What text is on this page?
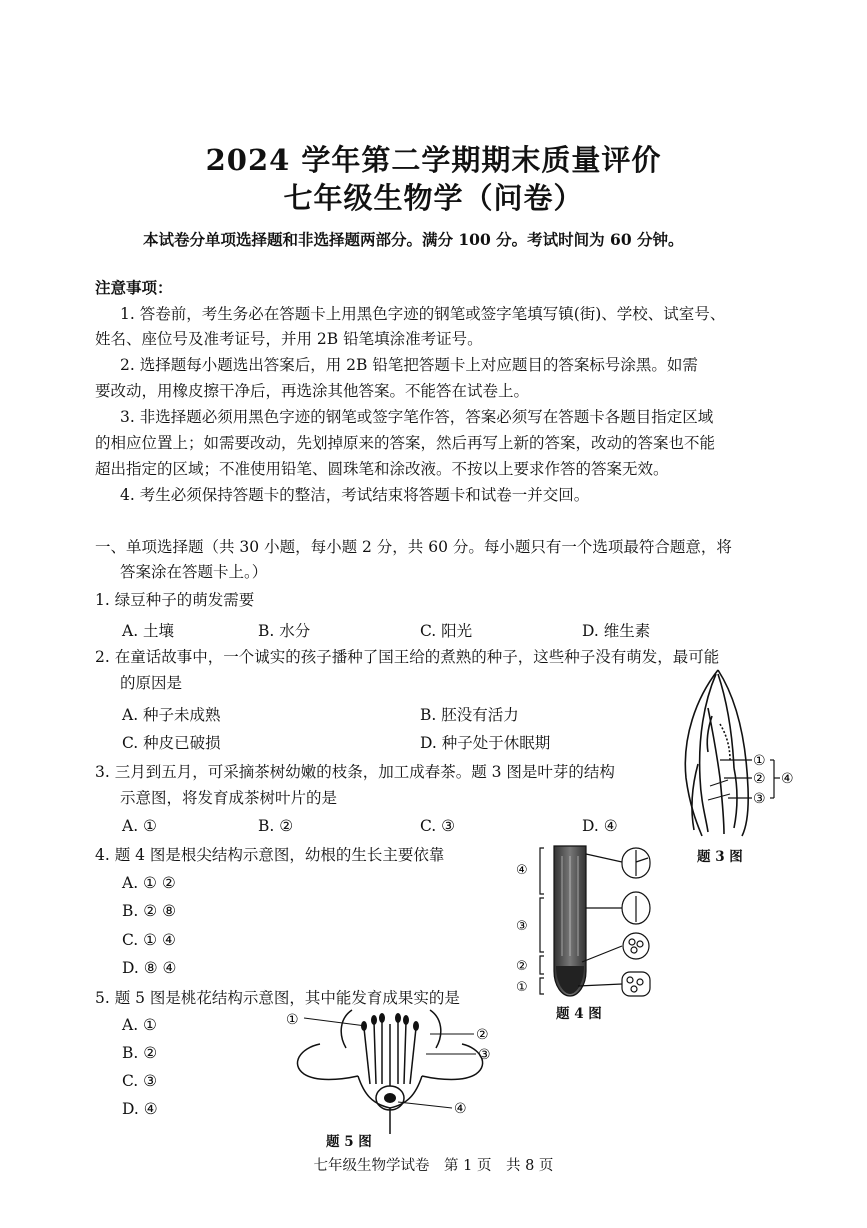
2024 学年第二学期期末质量评价
七年级生物学（问卷）
本试卷分单项选择题和非选择题两部分。满分 100 分。考试时间为 60 分钟。
注意事项：
1. 答卷前，考生务必在答题卡上用黑色字迹的钢笔或签字笔填写镇(街)、学校、试室号、
姓名、座位号及准考证号，并用 2B 铅笔填涂准考证号。
2. 选择题每小题选出答案后，用 2B 铅笔把答题卡上对应题目的答案标号涂黑。如需
要改动，用橡皮擦干净后，再选涂其他答案。不能答在试卷上。
3. 非选择题必须用黑色字迹的钢笔或签字笔作答，答案必须写在答题卡各题目指定区域
的相应位置上；如需要改动，先划掉原来的答案，然后再写上新的答案，改动的答案也不能
超出指定的区域；不准使用铅笔、圆珠笔和涂改液。不按以上要求作答的答案无效。
4. 考生必须保持答题卡的整洁，考试结束将答题卡和试卷一并交回。
一、单项选择题（共 30 小题，每小题 2 分，共 60 分。每小题只有一个选项最符合题意，将
答案涂在答题卡上。）
1. 绿豆种子的萌发需要
A. 土壤	B. 水分	C. 阳光	D. 维生素
2. 在童话故事中，一个诚实的孩子播种了国王给的煮熟的种子，这些种子没有萌发，最可能
的原因是
A. 种子未成熟	B. 胚没有活力
C. 种皮已破损	D. 种子处于休眠期
3. 三月到五月，可采摘茶树幼嫩的枝条，加工成春茶。题 3 图是叶芽的结构
示意图，将发育成茶树叶片的是
A. ①	B. ②	C. ③	D. ④
4. 题 4 图是根尖结构示意图，幼根的生长主要依靠
A. ① ②
B. ② ⑧
C. ① ④
D. ⑧ ④
5. 题 5 图是桃花结构示意图，其中能发育成果实的是
A. ①
B. ②
C. ③
D. ④
①
②
③
④
题 3 图
④
③
②
①
题 4 图
①
②
③
④
题 5 图
七年级生物学试卷　第 1 页　共 8 页
